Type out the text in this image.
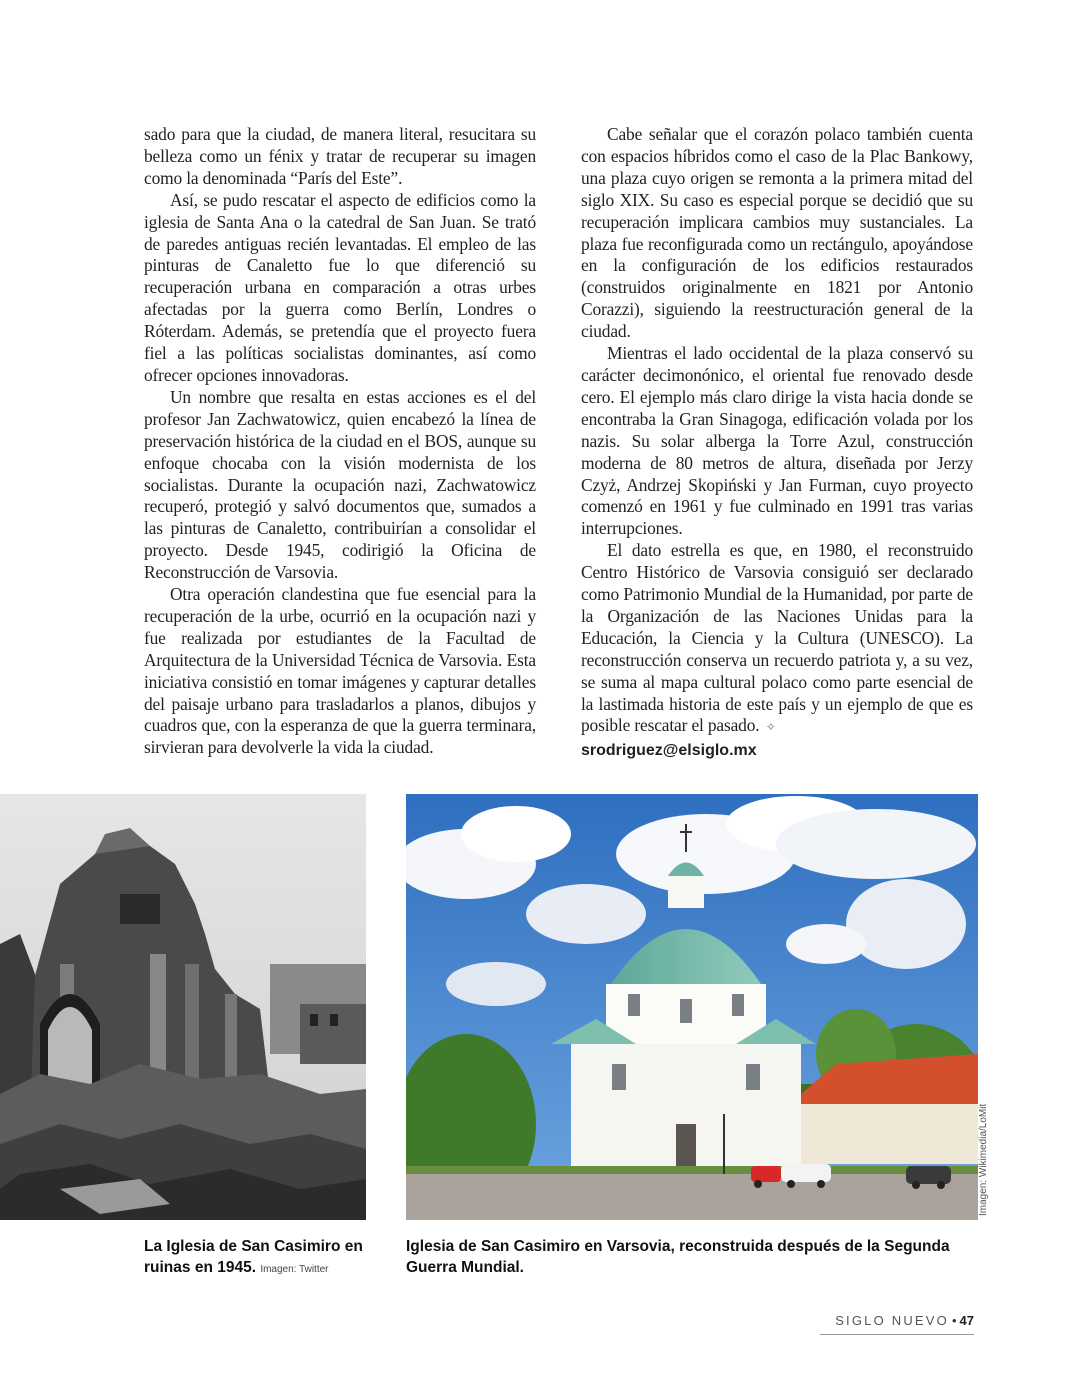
sado para que la ciudad, de manera literal, resucitara su belleza como un fénix y tratar de recuperar su imagen como la denominada “París del Este”.

Así, se pudo rescatar el aspecto de edificios como la iglesia de Santa Ana o la catedral de San Juan. Se trató de paredes antiguas recién levantadas. El empleo de las pinturas de Canaletto fue lo que diferenció su recuperación urbana en comparación a otras urbes afectadas por la guerra como Berlín, Londres o Róterdam. Además, se pretendía que el proyecto fuera fiel a las políticas socialistas dominantes, así como ofrecer opciones innovadoras.

Un nombre que resalta en estas acciones es el del profesor Jan Zachwatowicz, quien encabezó la línea de preservación histórica de la ciudad en el BOS, aunque su enfoque chocaba con la visión modernista de los socialistas. Durante la ocupación nazi, Zachwatowicz recuperó, protegió y salvó documentos que, sumados a las pinturas de Canaletto, contribuirían a consolidar el proyecto. Desde 1945, codirigió la Oficina de Reconstrucción de Varsovia.

Otra operación clandestina que fue esencial para la recuperación de la urbe, ocurrió en la ocupación nazi y fue realizada por estudiantes de la Facultad de Arquitectura de la Universidad Técnica de Varsovia. Esta iniciativa consistió en tomar imágenes y capturar detalles del paisaje urbano para trasladarlos a planos, dibujos y cuadros que, con la esperanza de que la guerra terminara, sirvieran para devolverle la vida la ciudad.

Cabe señalar que el corazón polaco también cuenta con espacios híbridos como el caso de la Plac Bankowy, una plaza cuyo origen se remonta a la primera mitad del siglo XIX. Su caso es especial porque se decidió que su recuperación implicara cambios muy sustanciales. La plaza fue reconfigurada como un rectángulo, apoyándose en la configuración de los edificios restaurados (construidos originalmente en 1821 por Antonio Corazzi), siguiendo la reestructuración general de la ciudad.

Mientras el lado occidental de la plaza conservó su carácter decimonónico, el oriental fue renovado desde cero. El ejemplo más claro dirige la vista hacia donde se encontraba la Gran Sinagoga, edificación volada por los nazis. Su solar alberga la Torre Azul, construcción moderna de 80 metros de altura, diseñada por Jerzy Czyż, Andrzej Skopiński y Jan Furman, cuyo proyecto comenzó en 1961 y fue culminado en 1991 tras varias interrupciones.

El dato estrella es que, en 1980, el reconstruido Centro Histórico de Varsovia consiguió ser declarado como Patrimonio Mundial de la Humanidad, por parte de la Organización de las Naciones Unidas para la Educación, la Ciencia y la Cultura (UNESCO). La reconstrucción conserva un recuerdo patriota y, a su vez, se suma al mapa cultural polaco como parte esencial de la lastimada historia de este país y un ejemplo de que es posible rescatar el pasado. ✧

srodriguez@elsiglo.mx
Imagen: Wikimedia/LoMit
La Iglesia de San Casimiro en ruinas en 1945. Imagen: Twitter
Iglesia de San Casimiro en Varsovia, reconstruida después de la Segunda Guerra Mundial.
SIGLO NUEVO • 47
